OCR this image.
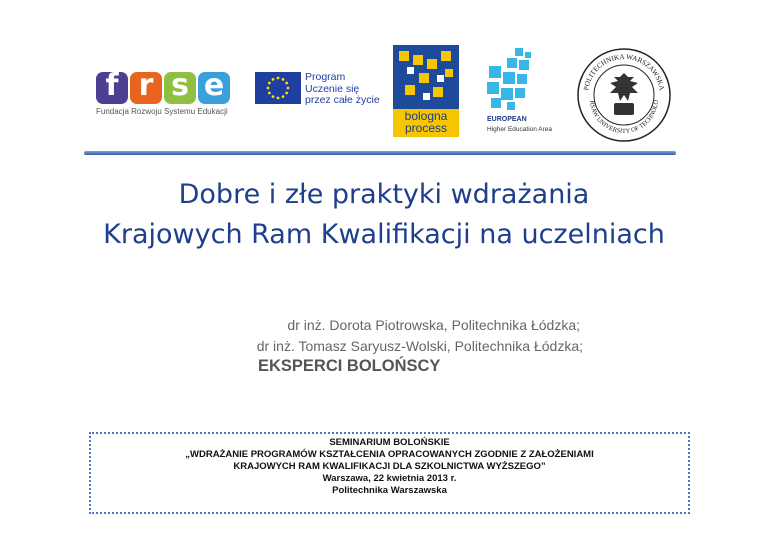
f r s e
Fundacja Rozwoju Systemu Edukacji
Program
Uczenie się
przez całe życie
bologna
process
EUROPEAN
Higher Education Area
POLITECHNIKA WARSZAWSKA
RSAW UNIVERSITY OF TECHNOLO
Dobre i złe praktyki wdrażania
Krajowych Ram Kwalifikacji na uczelniach
dr inż. Dorota Piotrowska, Politechnika Łódzka;
dr inż. Tomasz Saryusz-Wolski, Politechnika Łódzka;
EKSPERCI BOLOŃSCY
SEMINARIUM BOLOŃSKIE
„WDRAŻANIE PROGRAMÓW KSZTAŁCENIA OPRACOWANYCH ZGODNIE Z ZAŁOŻENIAMI
KRAJOWYCH RAM KWALIFIKACJI DLA SZKOLNICTWA WYŻSZEGO”
Warszawa, 22 kwietnia 2013 r.
Politechnika Warszawska
